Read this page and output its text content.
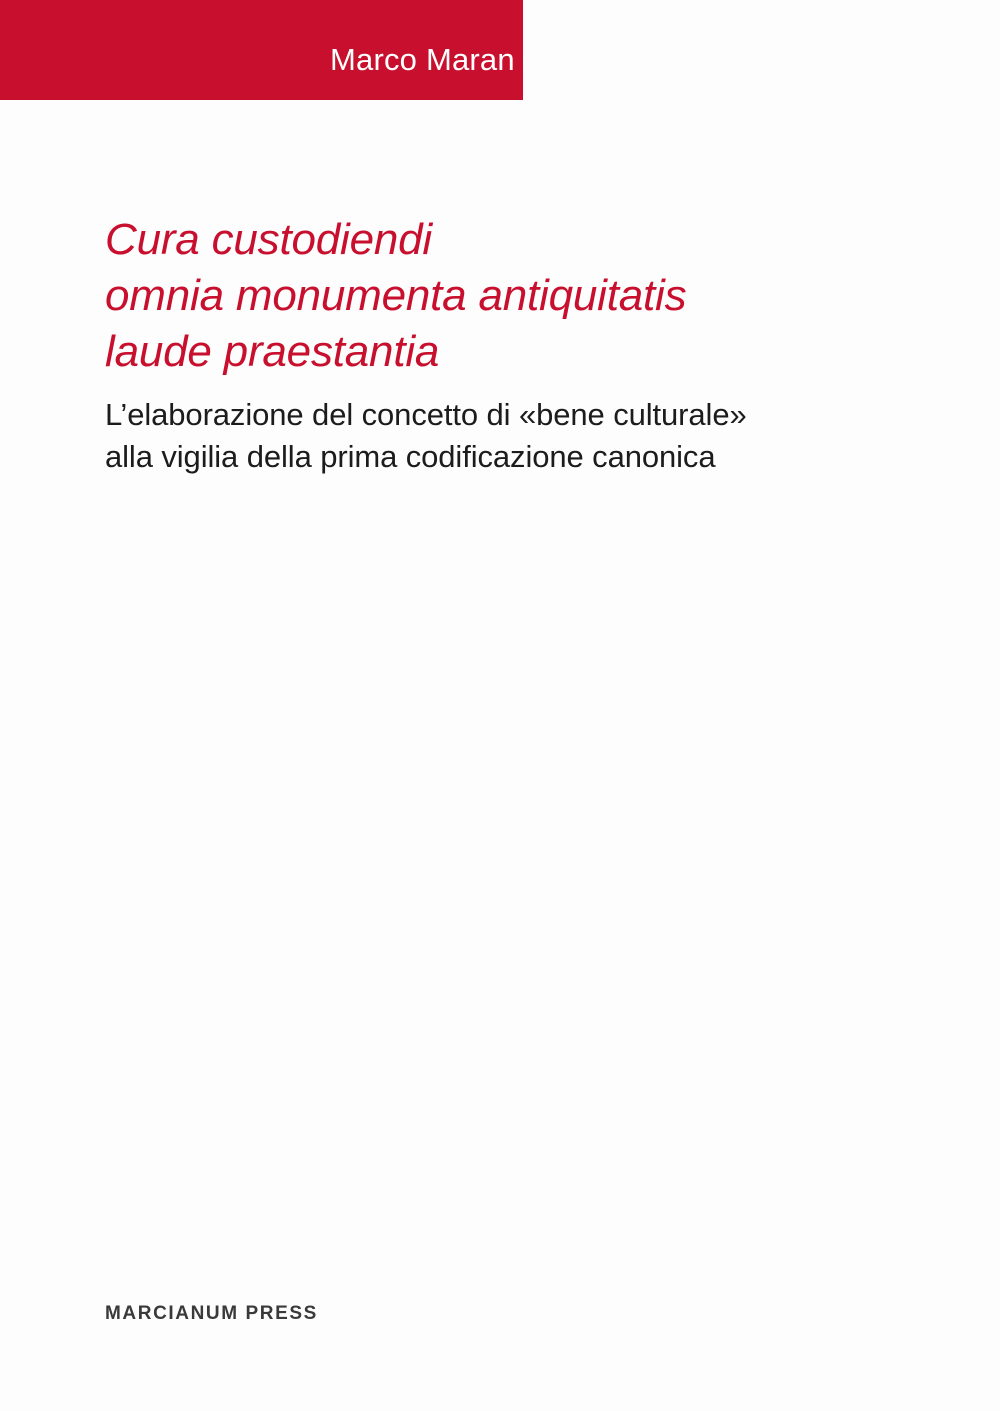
Marco Maran
Cura custodiendi
omnia monumenta antiquitatis
laude praestantia

L’elaborazione del concetto di «bene culturale»
alla vigilia della prima codificazione canonica

MARCIANUM PRESS
